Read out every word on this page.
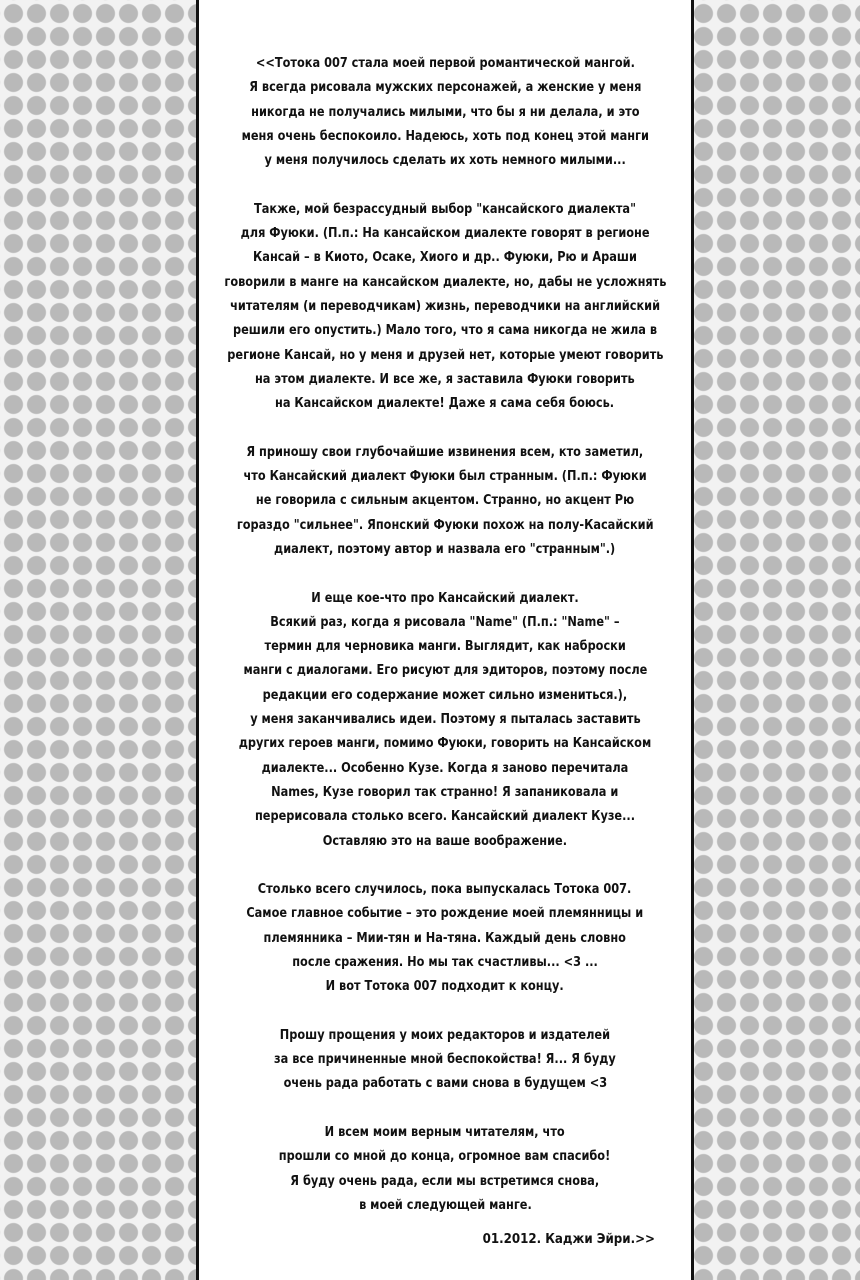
<<Тотока 007 стала моей первой романтической мангой.Я всегда рисовала мужских персонажей, а женские у меняникогда не получались милыми, что бы я ни делала, и этоменя очень беспокоило. Надеюсь, хоть под конец этой мангиу меня получилось сделать их хоть немного милыми...
Также, мой безрассудный выбор "кансайского диалекта"для Фуюки. (П.п.: На кансайском диалекте говорят в регионеКансай – в Киото, Осаке, Хиого и др.. Фуюки, Рю и Арашиговорили в манге на кансайском диалекте, но, дабы не усложнятьчитателям (и переводчикам) жизнь, переводчики на английскийрешили его опустить.) Мало того, что я сама никогда не жила врегионе Кансай, но у меня и друзей нет, которые умеют говоритьна этом диалекте. И все же, я заставила Фуюки говоритьна Кансайском диалекте! Даже я сама себя боюсь.
Я приношу свои глубочайшие извинения всем, кто заметил,что Кансайский диалект Фуюки был странным. (П.п.: Фуюкине говорила с сильным акцентом. Странно, но акцент Рюгораздо "сильнее". Японский Фуюки похож на полу-Касайскийдиалект, поэтому автор и назвала его "странным".)
И еще кое-что про Кансайский диалект.Всякий раз, когда я рисовала "Name" (П.п.: "Name" –термин для черновика манги. Выглядит, как наброскиманги с диалогами. Его рисуют для эдиторов, поэтому послередакции его содержание может сильно измениться.),у меня заканчивались идеи. Поэтому я пыталась заставитьдругих героев манги, помимо Фуюки, говорить на Кансайскомдиалекте... Особенно Кузе. Когда я заново перечиталаNames, Кузе говорил так странно! Я запаниковала иперерисовала столько всего. Кансайский диалект Кузе...Оставляю это на ваше воображение.
Столько всего случилось, пока выпускалась Тотока 007.Самое главное событие – это рождение моей племянницы иплемянника – Мии-тян и На-тяна. Каждый день словнопосле сражения. Но мы так счастливы... <3 ...И вот Тотока 007 подходит к концу.
Прошу прощения у моих редакторов и издателейза все причиненные мной беспокойства! Я... Я будуочень рада работать с вами снова в будущем <3
И всем моим верным читателям, чтопрошли со мной до конца, огромное вам спасибо!Я буду очень рада, если мы встретимся снова,в моей следующей манге.
01.2012. Каджи Эйри.>>
